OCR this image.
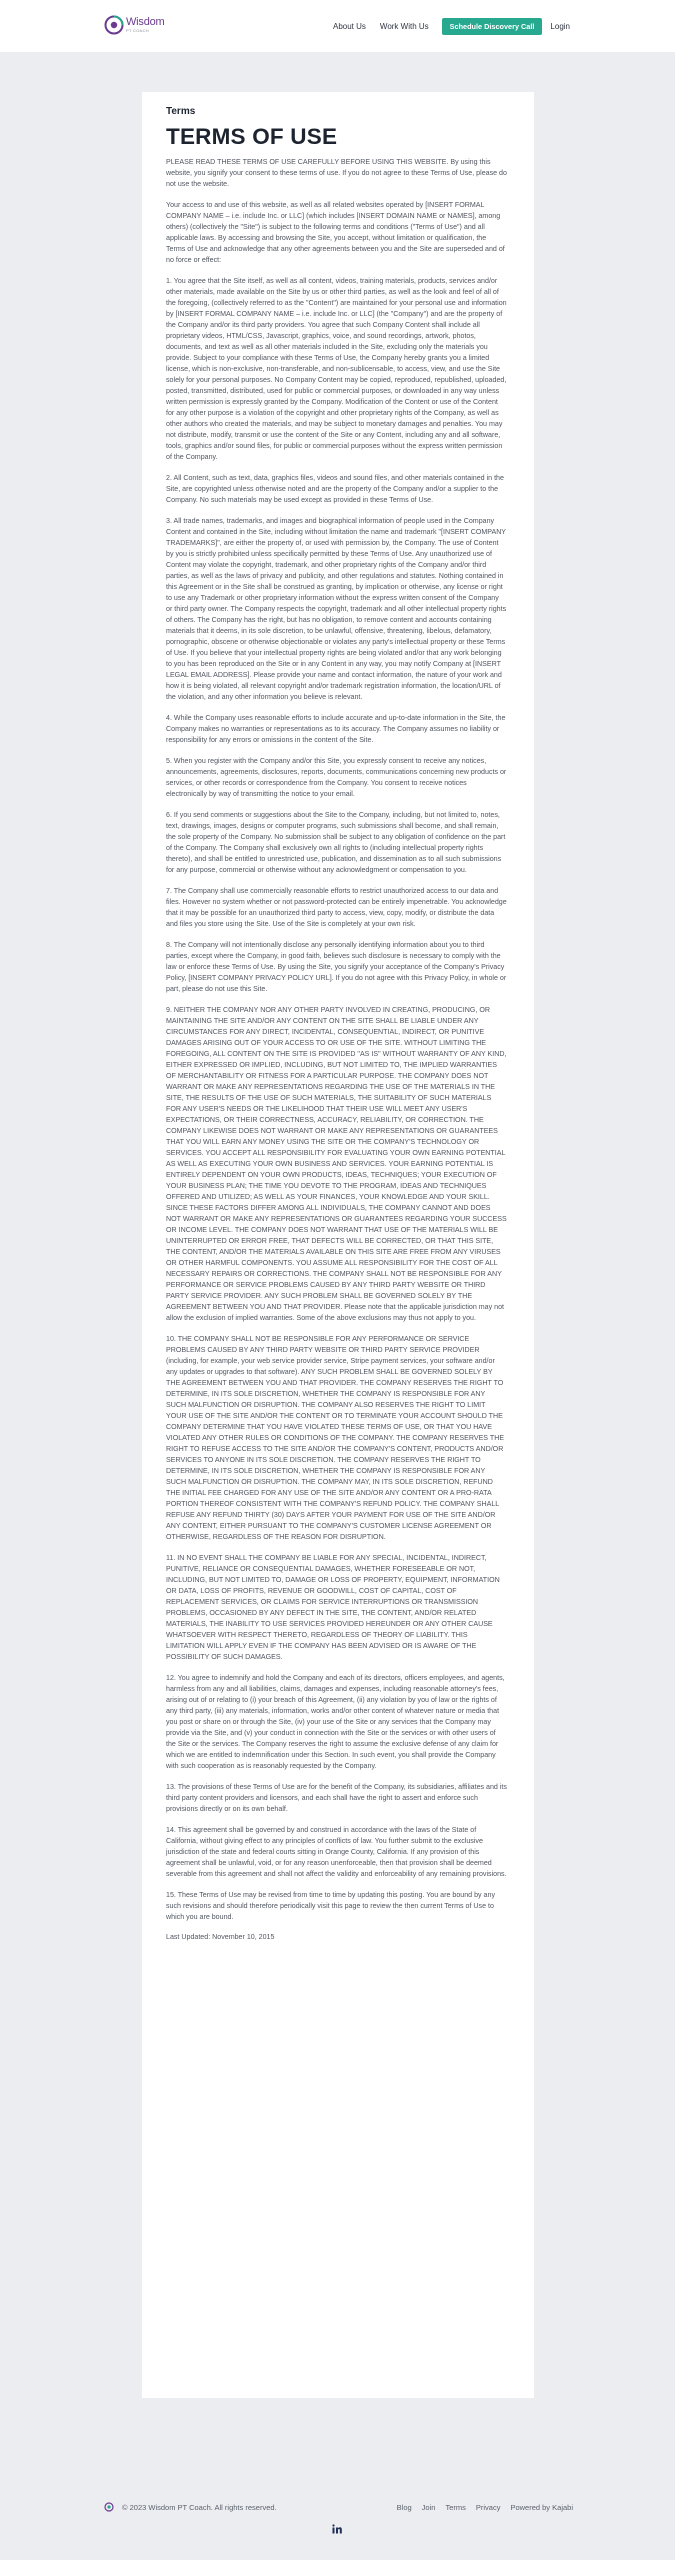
Wisdom
PT COACH	About Us Work With Us	Schedule Discovery Call	Login
Terms
TERMS OF USE

PLEASE READ THESE TERMS OF USE CAREFULLY BEFORE USING THIS WEBSITE. By using this website, you signify your consent to these terms of use. If you do not agree to these Terms of Use, please do not use the website.

Your access to and use of this website, as well as all related websites operated by [INSERT FORMAL COMPANY NAME – i.e. include Inc. or LLC] (which includes [INSERT DOMAIN NAME or NAMES], among others) (collectively the "Site") is subject to the following terms and conditions ("Terms of Use") and all applicable laws. By accessing and browsing the Site, you accept, without limitation or qualification, the Terms of Use and acknowledge that any other agreements between you and the Site are superseded and of no force or effect:

1. You agree that the Site itself, as well as all content, videos, training materials, products, services and/or other materials, made available on the Site by us or other third parties, as well as the look and feel of all of the foregoing, (collectively referred to as the "Content") are maintained for your personal use and information by [INSERT FORMAL COMPANY NAME – i.e. include Inc. or LLC] (the "Company") and are the property of the Company and/or its third party providers. You agree that such Company Content shall include all proprietary videos, HTML/CSS, Javascript, graphics, voice, and sound recordings, artwork, photos, documents, and text as well as all other materials included in the Site, excluding only the materials you provide. Subject to your compliance with these Terms of Use, the Company hereby grants you a limited license, which is non-exclusive, non-transferable, and non-sublicensable, to access, view, and use the Site solely for your personal purposes. No Company Content may be copied, reproduced, republished, uploaded, posted, transmitted, distributed, used for public or commercial purposes, or downloaded in any way unless written permission is expressly granted by the Company. Modification of the Content or use of the Content for any other purpose is a violation of the copyright and other proprietary rights of the Company, as well as other authors who created the materials, and may be subject to monetary damages and penalties. You may not distribute, modify, transmit or use the content of the Site or any Content, including any and all software, tools, graphics and/or sound files, for public or commercial purposes without the express written permission of the Company.

2. All Content, such as text, data, graphics files, videos and sound files, and other materials contained in the Site, are copyrighted unless otherwise noted and are the property of the Company and/or a supplier to the Company. No such materials may be used except as provided in these Terms of Use.

3. All trade names, trademarks, and images and biographical information of people used in the Company Content and contained in the Site, including without limitation the name and trademark "[INSERT COMPANY TRADEMARKS]", are either the property of, or used with permission by, the Company. The use of Content by you is strictly prohibited unless specifically permitted by these Terms of Use. Any unauthorized use of Content may violate the copyright, trademark, and other proprietary rights of the Company and/or third parties, as well as the laws of privacy and publicity, and other regulations and statutes. Nothing contained in this Agreement or in the Site shall be construed as granting, by implication or otherwise, any license or right to use any Trademark or other proprietary information without the express written consent of the Company or third party owner. The Company respects the copyright, trademark and all other intellectual property rights of others. The Company has the right, but has no obligation, to remove content and accounts containing materials that it deems, in its sole discretion, to be unlawful, offensive, threatening, libelous, defamatory, pornographic, obscene or otherwise objectionable or violates any party's intellectual property or these Terms of Use. If you believe that your intellectual property rights are being violated and/or that any work belonging to you has been reproduced on the Site or in any Content in any way, you may notify Company at [INSERT LEGAL EMAIL ADDRESS]. Please provide your name and contact information, the nature of your work and how it is being violated, all relevant copyright and/or trademark registration information, the location/URL of the violation, and any other information you believe is relevant.

4. While the Company uses reasonable efforts to include accurate and up-to-date information in the Site, the Company makes no warranties or representations as to its accuracy. The Company assumes no liability or responsibility for any errors or omissions in the content of the Site.

5. When you register with the Company and/or this Site, you expressly consent to receive any notices, announcements, agreements, disclosures, reports, documents, communications concerning new products or services, or other records or correspondence from the Company. You consent to receive notices electronically by way of transmitting the notice to your email.

6. If you send comments or suggestions about the Site to the Company, including, but not limited to, notes, text, drawings, images, designs or computer programs, such submissions shall become, and shall remain, the sole property of the Company. No submission shall be subject to any obligation of confidence on the part of the Company. The Company shall exclusively own all rights to (including intellectual property rights thereto), and shall be entitled to unrestricted use, publication, and dissemination as to all such submissions for any purpose, commercial or otherwise without any acknowledgment or compensation to you.

7. The Company shall use commercially reasonable efforts to restrict unauthorized access to our data and files. However no system whether or not password-protected can be entirely impenetrable. You acknowledge that it may be possible for an unauthorized third party to access, view, copy, modify, or distribute the data and files you store using the Site. Use of the Site is completely at your own risk.

8. The Company will not intentionally disclose any personally identifying information about you to third parties, except where the Company, in good faith, believes such disclosure is necessary to comply with the law or enforce these Terms of Use. By using the Site, you signify your acceptance of the Company's Privacy Policy, [INSERT COMPANY PRIVACY POLICY URL]. If you do not agree with this Privacy Policy, in whole or part, please do not use this Site.

9. NEITHER THE COMPANY NOR ANY OTHER PARTY INVOLVED IN CREATING, PRODUCING, OR MAINTAINING THE SITE AND/OR ANY CONTENT ON THE SITE SHALL BE LIABLE UNDER ANY CIRCUMSTANCES FOR ANY DIRECT, INCIDENTAL, CONSEQUENTIAL, INDIRECT, OR PUNITIVE DAMAGES ARISING OUT OF YOUR ACCESS TO OR USE OF THE SITE. WITHOUT LIMITING THE FOREGOING, ALL CONTENT ON THE SITE IS PROVIDED "AS IS" WITHOUT WARRANTY OF ANY KIND, EITHER EXPRESSED OR IMPLIED, INCLUDING, BUT NOT LIMITED TO, THE IMPLIED WARRANTIES OF MERCHANTABILITY OR FITNESS FOR A PARTICULAR PURPOSE. THE COMPANY DOES NOT WARRANT OR MAKE ANY REPRESENTATIONS REGARDING THE USE OF THE MATERIALS IN THE SITE, THE RESULTS OF THE USE OF SUCH MATERIALS, THE SUITABILITY OF SUCH MATERIALS FOR ANY USER'S NEEDS OR THE LIKELIHOOD THAT THEIR USE WILL MEET ANY USER'S EXPECTATIONS, OR THEIR CORRECTNESS, ACCURACY, RELIABILITY, OR CORRECTION. THE COMPANY LIKEWISE DOES NOT WARRANT OR MAKE ANY REPRESENTATIONS OR GUARANTEES THAT YOU WILL EARN ANY MONEY USING THE SITE OR THE COMPANY'S TECHNOLOGY OR SERVICES. YOU ACCEPT ALL RESPONSIBILITY FOR EVALUATING YOUR OWN EARNING POTENTIAL AS WELL AS EXECUTING YOUR OWN BUSINESS AND SERVICES. YOUR EARNING POTENTIAL IS ENTIRELY DEPENDENT ON YOUR OWN PRODUCTS, IDEAS, TECHNIQUES; YOUR EXECUTION OF YOUR BUSINESS PLAN; THE TIME YOU DEVOTE TO THE PROGRAM, IDEAS AND TECHNIQUES OFFERED AND UTILIZED; AS WELL AS YOUR FINANCES, YOUR KNOWLEDGE AND YOUR SKILL. SINCE THESE FACTORS DIFFER AMONG ALL INDIVIDUALS, THE COMPANY CANNOT AND DOES NOT WARRANT OR MAKE ANY REPRESENTATIONS OR GUARANTEES REGARDING YOUR SUCCESS OR INCOME LEVEL. THE COMPANY DOES NOT WARRANT THAT USE OF THE MATERIALS WILL BE UNINTERRUPTED OR ERROR FREE, THAT DEFECTS WILL BE CORRECTED, OR THAT THIS SITE, THE CONTENT, AND/OR THE MATERIALS AVAILABLE ON THIS SITE ARE FREE FROM ANY VIRUSES OR OTHER HARMFUL COMPONENTS. YOU ASSUME ALL RESPONSIBILITY FOR THE COST OF ALL NECESSARY REPAIRS OR CORRECTIONS. THE COMPANY SHALL NOT BE RESPONSIBLE FOR ANY PERFORMANCE OR SERVICE PROBLEMS CAUSED BY ANY THIRD PARTY WEBSITE OR THIRD PARTY SERVICE PROVIDER. ANY SUCH PROBLEM SHALL BE GOVERNED SOLELY BY THE AGREEMENT BETWEEN YOU AND THAT PROVIDER. Please note that the applicable jurisdiction may not allow the exclusion of implied warranties. Some of the above exclusions may thus not apply to you.

10. THE COMPANY SHALL NOT BE RESPONSIBLE FOR ANY PERFORMANCE OR SERVICE PROBLEMS CAUSED BY ANY THIRD PARTY WEBSITE OR THIRD PARTY SERVICE PROVIDER (including, for example, your web service provider service, Stripe payment services, your software and/or any updates or upgrades to that software). ANY SUCH PROBLEM SHALL BE GOVERNED SOLELY BY THE AGREEMENT BETWEEN YOU AND THAT PROVIDER. THE COMPANY RESERVES THE RIGHT TO DETERMINE, IN ITS SOLE DISCRETION, WHETHER THE COMPANY IS RESPONSIBLE FOR ANY SUCH MALFUNCTION OR DISRUPTION. THE COMPANY ALSO RESERVES THE RIGHT TO LIMIT YOUR USE OF THE SITE AND/OR THE CONTENT OR TO TERMINATE YOUR ACCOUNT SHOULD THE COMPANY DETERMINE THAT YOU HAVE VIOLATED THESE TERMS OF USE, OR THAT YOU HAVE VIOLATED ANY OTHER RULES OR CONDITIONS OF THE COMPANY. THE COMPANY RESERVES THE RIGHT TO REFUSE ACCESS TO THE SITE AND/OR THE COMPANY'S CONTENT, PRODUCTS AND/OR SERVICES TO ANYONE IN ITS SOLE DISCRETION. THE COMPANY RESERVES THE RIGHT TO DETERMINE, IN ITS SOLE DISCRETION, WHETHER THE COMPANY IS RESPONSIBLE FOR ANY SUCH MALFUNCTION OR DISRUPTION. THE COMPANY MAY, IN ITS SOLE DISCRETION, REFUND THE INITIAL FEE CHARGED FOR ANY USE OF THE SITE AND/OR ANY CONTENT OR A PRO-RATA PORTION THEREOF CONSISTENT WITH THE COMPANY'S REFUND POLICY. THE COMPANY SHALL REFUSE ANY REFUND THIRTY (30) DAYS AFTER YOUR PAYMENT FOR USE OF THE SITE AND/OR ANY CONTENT, EITHER PURSUANT TO THE COMPANY'S CUSTOMER LICENSE AGREEMENT OR OTHERWISE, REGARDLESS OF THE REASON FOR DISRUPTION.

11. IN NO EVENT SHALL THE COMPANY BE LIABLE FOR ANY SPECIAL, INCIDENTAL, INDIRECT, PUNITIVE, RELIANCE OR CONSEQUENTIAL DAMAGES, WHETHER FORESEEABLE OR NOT, INCLUDING, BUT NOT LIMITED TO, DAMAGE OR LOSS OF PROPERTY, EQUIPMENT, INFORMATION OR DATA, LOSS OF PROFITS, REVENUE OR GOODWILL, COST OF CAPITAL, COST OF REPLACEMENT SERVICES, OR CLAIMS FOR SERVICE INTERRUPTIONS OR TRANSMISSION PROBLEMS, OCCASIONED BY ANY DEFECT IN THE SITE, THE CONTENT, AND/OR RELATED MATERIALS, THE INABILITY TO USE SERVICES PROVIDED HEREUNDER OR ANY OTHER CAUSE WHATSOEVER WITH RESPECT THERETO, REGARDLESS OF THEORY OF LIABILITY. THIS LIMITATION WILL APPLY EVEN IF THE COMPANY HAS BEEN ADVISED OR IS AWARE OF THE POSSIBILITY OF SUCH DAMAGES.

12. You agree to indemnify and hold the Company and each of its directors, officers employees, and agents, harmless from any and all liabilities, claims, damages and expenses, including reasonable attorney's fees, arising out of or relating to (i) your breach of this Agreement, (ii) any violation by you of law or the rights of any third party, (iii) any materials, information, works and/or other content of whatever nature or media that you post or share on or through the Site, (iv) your use of the Site or any services that the Company may provide via the Site, and (v) your conduct in connection with the Site or the services or with other users of the Site or the services. The Company reserves the right to assume the exclusive defense of any claim for which we are entitled to indemnification under this Section. In such event, you shall provide the Company with such cooperation as is reasonably requested by the Company.

13. The provisions of these Terms of Use are for the benefit of the Company, its subsidiaries, affiliates and its third party content providers and licensors, and each shall have the right to assert and enforce such provisions directly or on its own behalf.

14. This agreement shall be governed by and construed in accordance with the laws of the State of California, without giving effect to any principles of conflicts of law. You further submit to the exclusive jurisdiction of the state and federal courts sitting in Orange County, California. If any provision of this agreement shall be unlawful, void, or for any reason unenforceable, then that provision shall be deemed severable from this agreement and shall not affect the validity and enforceability of any remaining provisions.

15. These Terms of Use may be revised from time to time by updating this posting. You are bound by any such revisions and should therefore periodically visit this page to review the then current Terms of Use to which you are bound.

Last Updated: November 10, 2015
© 2023 Wisdom PT Coach. All rights reserved.	Blog Join Terms Privacy Powered by Kajabi
